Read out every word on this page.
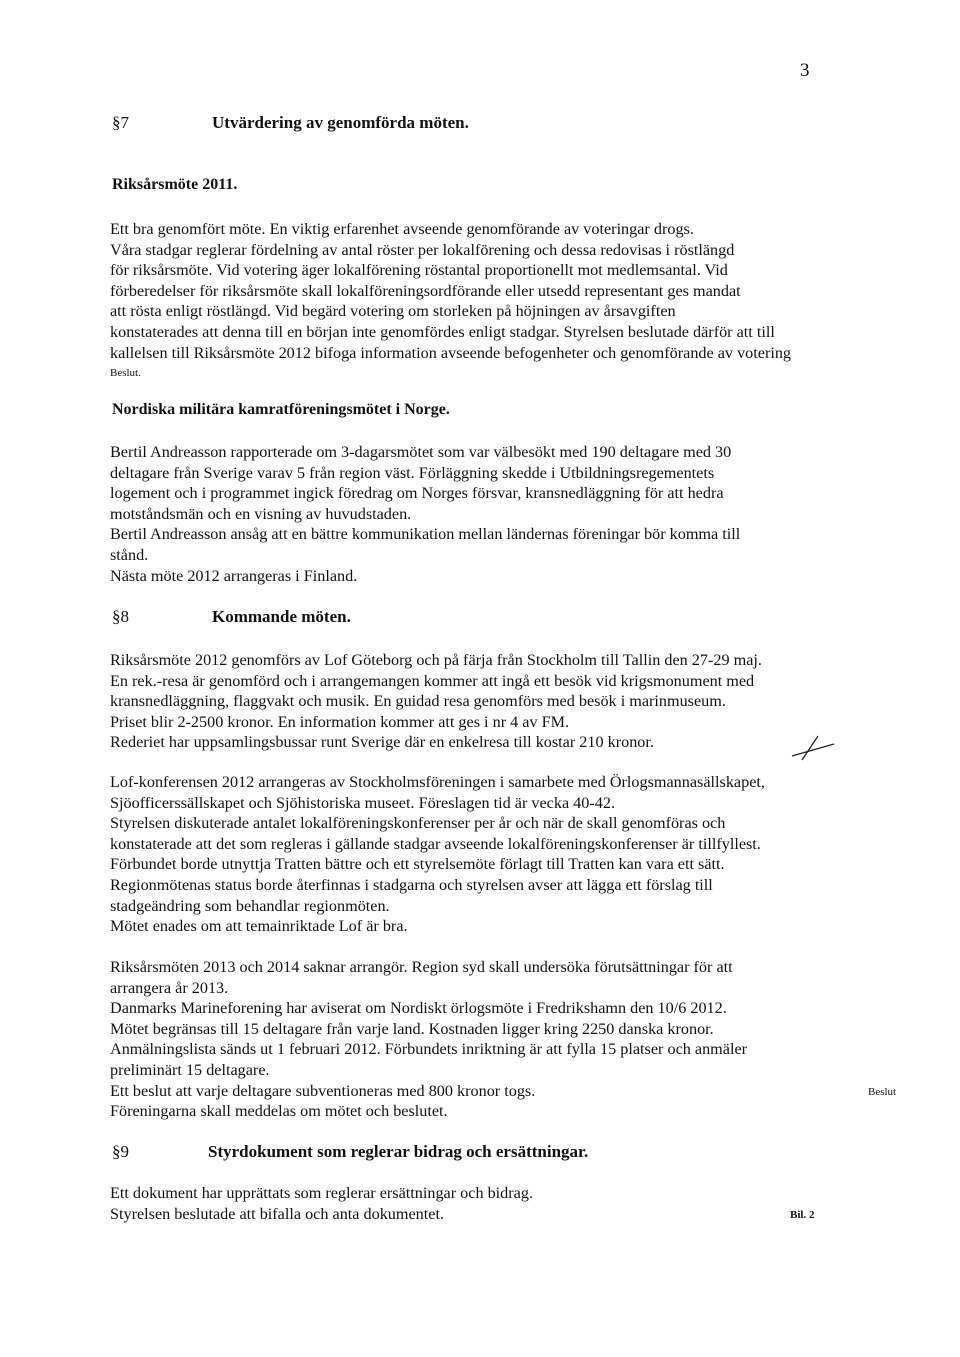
3
§7	Utvärdering av genomförda möten.
Riksårsmöte 2011.
Ett bra genomfört möte. En viktig erfarenhet avseende genomförande av voteringar drogs.
Våra stadgar reglerar fördelning av antal röster per lokalförening och dessa redovisas i röstlängd
för riksårsmöte. Vid votering äger lokalförening röstantal proportionellt mot medlemsantal. Vid
förberedelser för riksårsmöte skall lokalföreningsordförande eller utsedd representant ges mandat
att rösta enligt röstlängd. Vid begärd votering om storleken på höjningen av årsavgiften
konstaterades att denna till en början inte genomfördes enligt stadgar. Styrelsen beslutade därför att till
kallelsen till Riksårsmöte 2012 bifoga information avseende befogenheter och genomförande av votering
Beslut.
Nordiska militära kamratföreningsmötet i Norge.
Bertil Andreasson rapporterade om 3-dagarsmötet som var välbesökt med 190 deltagare med 30
deltagare från Sverige varav 5 från region väst. Förläggning skedde i Utbildningsregementets
logement och i programmet ingick föredrag om Norges försvar, kransnedläggning för att hedra
motståndsmän och en visning av huvudstaden.
Bertil Andreasson ansåg att en bättre kommunikation mellan ländernas föreningar bör komma till
stånd.
Nästa möte 2012 arrangeras i Finland.
§8	Kommande möten.
Riksårsmöte 2012 genomförs av Lof Göteborg och på färja från Stockholm till Tallin den 27-29 maj.
En rek.-resa är genomförd och i arrangemangen kommer att ingå ett besök vid krigsmonument med
kransnedläggning, flaggvakt och musik. En guidad resa genomförs med besök i marinmuseum.
Priset blir 2-2500 kronor. En information kommer att ges i nr 4 av FM.
Rederiet har uppsamlingsbussar runt Sverige där en enkelresa till kostar 210 kronor.
Lof-konferensen 2012 arrangeras av Stockholmsföreningen i samarbete med Örlogsmannasällskapet,
Sjöofficerssällskapet och Sjöhistoriska museet. Föreslagen tid är vecka 40-42.
Styrelsen diskuterade antalet lokalföreningskonferenser per år och när de skall genomföras och
konstaterade att det som regleras i gällande stadgar avseende lokalföreningskonferenser är tillfyllest.
Förbundet borde utnyttja Tratten bättre och ett styrelsemöte förlagt till Tratten kan vara ett sätt.
Regionmötenas status borde återfinnas i stadgarna och styrelsen avser att lägga ett förslag till
stadgeändring som behandlar regionmöten.
Mötet enades om att temainriktade Lof är bra.
Riksårsmöten 2013 och 2014 saknar arrangör. Region syd skall undersöka förutsättningar för att
arrangera år 2013.
Danmarks Marineforening har aviserat om Nordiskt örlogsmöte i Fredrikshamn den 10/6 2012.
Mötet begränsas till 15 deltagare från varje land. Kostnaden ligger kring 2250 danska kronor.
Anmälningslista sänds ut 1 februari 2012. Förbundets inriktning är att fylla 15 platser och anmäler
preliminärt 15 deltagare.
Ett beslut att varje deltagare subventioneras med 800 kronor togs.
Föreningarna skall meddelas om mötet och beslutet.
Beslut
§9	Styrdokument som reglerar bidrag och ersättningar.
Ett dokument har upprättats som reglerar ersättningar och bidrag.
Styrelsen beslutade att bifalla och anta dokumentet.	Bil. 2
